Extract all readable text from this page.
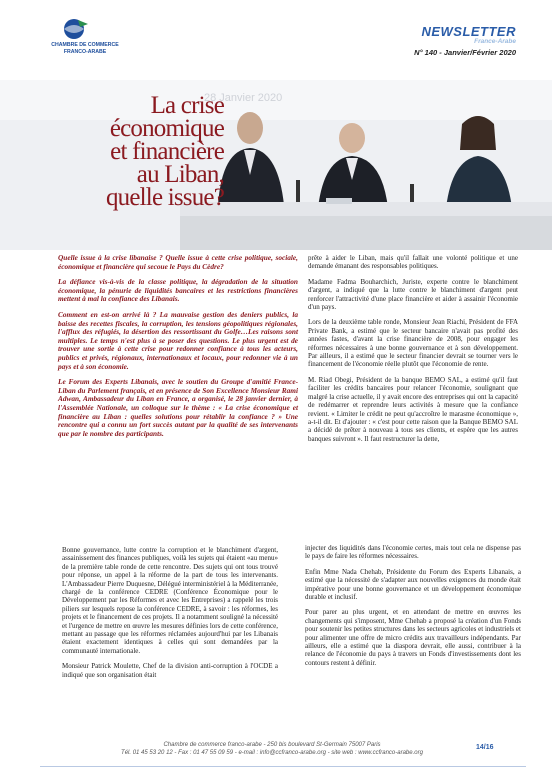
CHAMBRE DE COMMERCE
FRANCO-ARABE
NEWSLETTER
France-Arabe
N° 140 - Janvier/Février 2020
28 Janvier 2020
La crise
économique
et financière
au Liban,
quelle issue?

Quelle issue à la crise libanaise ? Quelle issue à cette crise politique, sociale, économique et financière qui secoue le Pays du Cèdre?

La défiance vis-à-vis de la classe politique, la dégradation de la situation économique, la pénurie de liquidités bancaires et les restrictions financières mettent à mal la confiance des Libanais.

Comment en est-on arrivé là ? La mauvaise gestion des deniers publics, la baisse des recettes fiscales, la corruption, les tensions géopolitiques régionales, l'afflux des réfugiés, la désertion des ressortissant du Golfe…Les raisons sont multiples. Le temps n'est plus à se poser des questions. Le plus urgent est de trouver une sortie à cette crise pour redonner confiance à tous les acteurs, publics et privés, régionaux, internationaux et locaux, pour redonner vie à un pays et à son économie.

Le Forum des Experts Libanais, avec le soutien du Groupe d'amitié France-Liban du Parlement français, et en présence de Son Excellence Monsieur Rami Adwan, Ambassadeur du Liban en France, a organisé, le 28 janvier dernier, à l'Assemblée Nationale, un colloque sur le thème : « La crise économique et financière au Liban : quelles solutions pour rétablir la confiance ? » Une rencontre qui a connu un fort succès autant par la qualité de ses intervenants que par le nombre des participants.

prête à aider le Liban, mais qu'il fallait une volonté politique et une demande émanant des responsables politiques.

Madame Fadma Bouharchich, Juriste, experte contre le blanchiment d'argent, a indiqué que la lutte contre le blanchiment d'argent peut renforcer l'attractivité d'une place financière et aider à assainir l'économie d'un pays.

Lors de la deuxième table ronde, Monsieur Jean Riachi, Président de FFA Private Bank, a estimé que le secteur bancaire n'avait pas profité des années fastes, d'avant la crise financière de 2008, pour engager les réformes nécessaires à une bonne gouvernance et à son développement. Par ailleurs, il a estimé que le secteur financier devrait se tourner vers le financement de l'économie réelle plutôt que l'économie de rente.

M. Riad Obegi, Président de la banque BEMO SAL, a estimé qu'il faut faciliter les crédits bancaires pour relancer l'économie, soulignant que malgré la crise actuelle, il y avait encore des entreprises qui ont la capacité de redémarrer et reprendre leurs activités à mesure que la confiance revient. « Limiter le crédit ne peut qu'accroître le marasme économique », a-t-il dit. Et d'ajouter : « c'est pour cette raison que la Banque BEMO SAL a décidé de prêter à nouveau à tous ses clients, et espère que les autres banques suivront ». Il faut restructurer la dette,

Bonne gouvernance, lutte contre la corruption et le blanchiment d'argent, assainissement des finances publiques, voilà les sujets qui étaient «au menu» de la première table ronde de cette rencontre. Des sujets qui ont tous trouvé pour réponse, un appel à la réforme de la part de tous les intervenants. L'Ambassadeur Pierre Duquesne, Délégué interministériel à la Méditerranée, chargé de la conférence CEDRE (Conférence Économique pour le Développement par les Réformes et avec les Entreprises) a rappelé les trois piliers sur lesquels repose la conférence CEDRE, à savoir : les réformes, les projets et le financement de ces projets. Il a notamment souligné la nécessité et l'urgence de mettre en œuvre les mesures définies lors de cette conférence, mettant au passage que les réformes réclamées aujourd'hui par les Libanais étaient exactement identiques à celles qui sont demandées par la communauté internationale.

Monsieur Patrick Moulette, Chef de la division anti-corruption à l'OCDE a indiqué que son organisation était

injecter des liquidités dans l'économie certes, mais tout cela ne dispense pas le pays de faire les réformes nécessaires.

Enfin Mme Nada Chehab, Présidente du Forum des Experts Libanais, a estimé que la nécessité de s'adapter aux nouvelles exigences du monde était impérative pour une bonne gouvernance et un développement économique durable et inclusif.

Pour parer au plus urgent, et en attendant de mettre en œuvres les changements qui s'imposent, Mme Chehab a proposé la création d'un Fonds pour soutenir les petites structures dans les secteurs agricoles et industriels et pour alimenter une offre de micro crédits aux travailleurs indépendants. Par ailleurs, elle a estimé que la diaspora devrait, elle aussi, contribuer à la relance de l'économie du pays à travers un Fonds d'investissements dont les contours restent à définir.

Chambre de commerce franco-arabe - 250 bis boulevard St-Germain 75007 Paris
Tél. 01 45 53 20 12 - Fax : 01 47 55 09 59 - e-mail : info@ccfranco-arabe.org - site web : www.ccfranco-arabe.org
14/16
